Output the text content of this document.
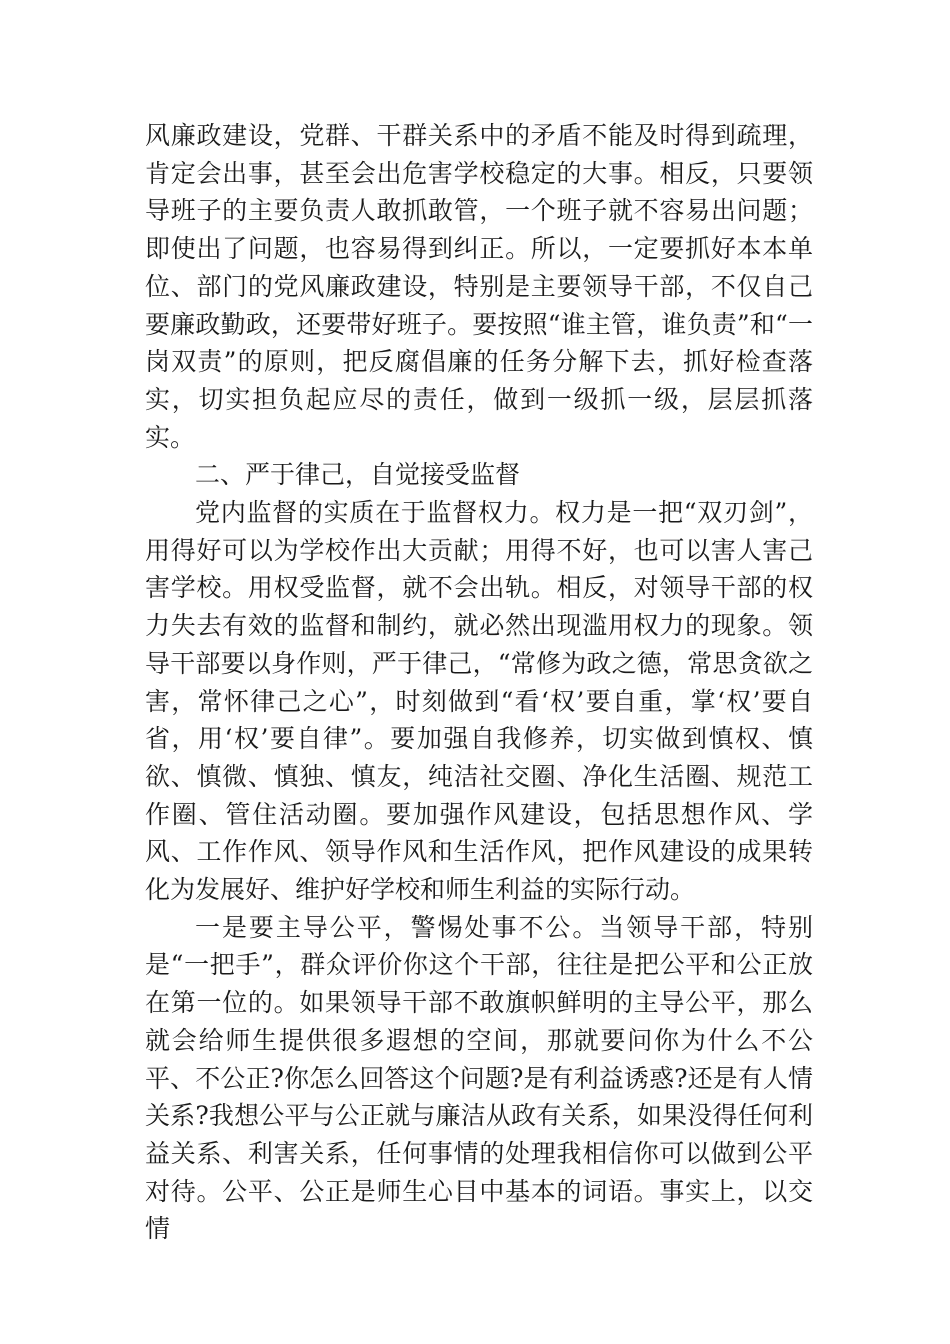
风廉政建设，党群、干群关系中的矛盾不能及时得到疏理，肯定会出事，甚至会出危害学校稳定的大事。相反，只要领导班子的主要负责人敢抓敢管，一个班子就不容易出问题；即使出了问题，也容易得到纠正。所以，一定要抓好本本单位、部门的党风廉政建设，特别是主要领导干部，不仅自己要廉政勤政，还要带好班子。要按照“谁主管，谁负责”和“一岗双责”的原则，把反腐倡廉的任务分解下去，抓好检查落实，切实担负起应尽的责任，做到一级抓一级，层层抓落实。

二、严于律己，自觉接受监督

党内监督的实质在于监督权力。权力是一把“双刃剑”，用得好可以为学校作出大贡献；用得不好，也可以害人害己害学校。用权受监督，就不会出轨。相反，对领导干部的权力失去有效的监督和制约，就必然出现滥用权力的现象。领导干部要以身作则，严于律己，“常修为政之德，常思贪欲之害，常怀律己之心”，时刻做到“看‘权’要自重，掌‘权’要自省，用‘权’要自律”。要加强自我修养，切实做到慎权、慎欲、慎微、慎独、慎友，纯洁社交圈、净化生活圈、规范工作圈、管住活动圈。要加强作风建设，包括思想作风、学风、工作作风、领导作风和生活作风，把作风建设的成果转化为发展好、维护好学校和师生利益的实际行动。

一是要主导公平，警惕处事不公。当领导干部，特别是“一把手”，群众评价你这个干部，往往是把公平和公正放在第一位的。如果领导干部不敢旗帜鲜明的主导公平，那么就会给师生提供很多遐想的空间，那就要问你为什么不公平、不公正?你怎么回答这个问题?是有利益诱惑?还是有人情关系?我想公平与公正就与廉洁从政有关系，如果没得任何利益关系、利害关系，任何事情的处理我相信你可以做到公平对待。公平、公正是师生心目中基本的词语。事实上，以交情
